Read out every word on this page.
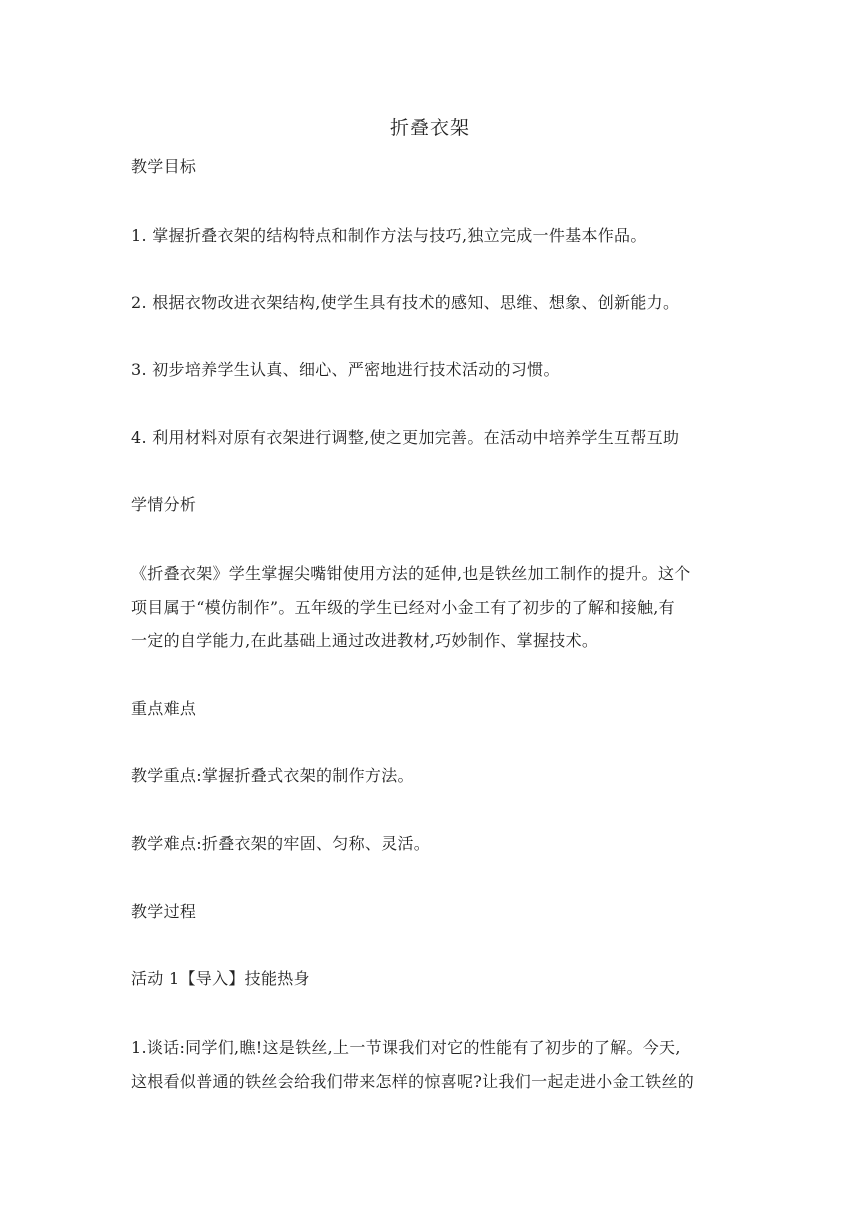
折叠衣架
教学目标
1. 掌握折叠衣架的结构特点和制作方法与技巧,独立完成一件基本作品。
2. 根据衣物改进衣架结构,使学生具有技术的感知、思维、想象、创新能力。
3. 初步培养学生认真、细心、严密地进行技术活动的习惯。
4. 利用材料对原有衣架进行调整,使之更加完善。在活动中培养学生互帮互助
学情分析
《折叠衣架》学生掌握尖嘴钳使用方法的延伸,也是铁丝加工制作的提升。这个
项目属于“模仿制作”。五年级的学生已经对小金工有了初步的了解和接触,有
一定的自学能力,在此基础上通过改进教材,巧妙制作、掌握技术。
重点难点
教学重点:掌握折叠式衣架的制作方法。
教学难点:折叠衣架的牢固、匀称、灵活。
教学过程
活动 1【导入】技能热身
1.谈话:同学们,瞧!这是铁丝,上一节课我们对它的性能有了初步的了解。今天,
这根看似普通的铁丝会给我们带来怎样的惊喜呢?让我们一起走进小金工铁丝的
